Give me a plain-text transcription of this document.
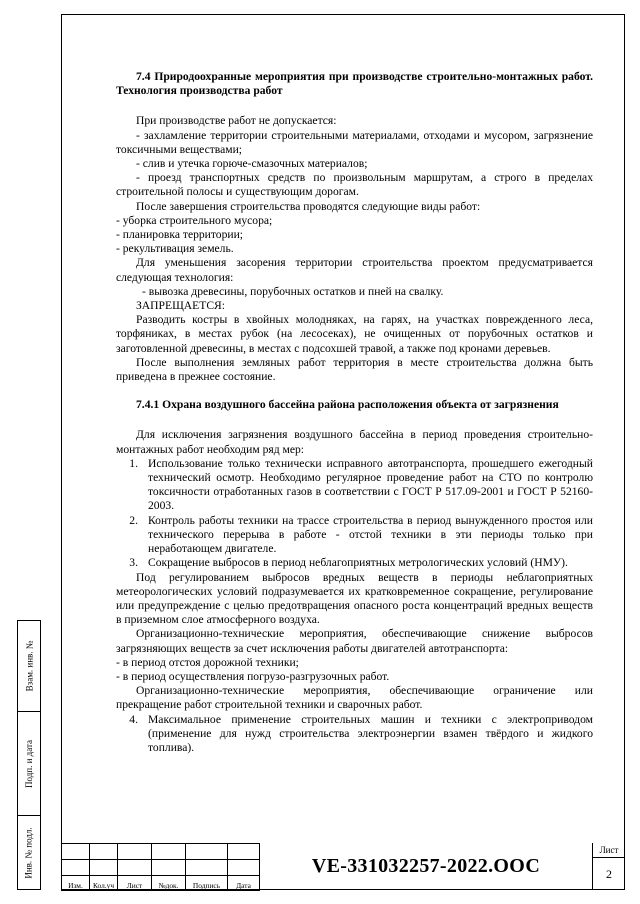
7.4 Природоохранные мероприятия при производстве строительно-монтажных работ. Технология производства работ

При производстве работ не допускается:

- захламление территории строительными материалами, отходами и мусором, загрязнение токсичными веществами;

- слив и утечка горюче-смазочных материалов;

- проезд транспортных средств по произвольным маршрутам, а строго в пределах строительной полосы и существующим дорогам.

После завершения строительства проводятся следующие виды работ:

- уборка строительного мусора;

- планировка территории;

- рекультивация земель.

Для уменьшения засорения территории строительства проектом предусматривается следующая технология:

- вывозка древесины, порубочных остатков и пней на свалку.

ЗАПРЕЩАЕТСЯ:

Разводить костры в хвойных молодняках, на гарях, на участках поврежденного леса, торфяниках, в местах рубок (на лесосеках), не очищенных от порубочных остатков и заготовленной древесины, в местах с подсохшей травой, а также под кронами деревьев.

После выполнения земляных работ территория в месте строительства должна быть приведена в прежнее состояние.

7.4.1 Охрана воздушного бассейна района расположения объекта от загрязнения

Для исключения загрязнения воздушного бассейна в период проведения строительно-монтажных работ необходим ряд мер:

1. Использование только технически исправного автотранспорта, прошедшего ежегодный технический осмотр. Необходимо регулярное проведение работ на СТО по контролю токсичности отработанных газов в соответствии с ГОСТ Р 517.09-2001 и ГОСТ Р 52160-2003.
2. Контроль работы техники на трассе строительства в период вынужденного простоя или технического перерыва в работе - отстой техники в эти периоды только при неработающем двигателе.
3. Сокращение выбросов в период неблагоприятных метрологических условий (НМУ).

Под регулированием выбросов вредных веществ в периоды неблагоприятных метеорологических условий подразумевается их кратковременное сокращение, регулирование или предупреждение с целью предотвращения опасного роста концентраций вредных веществ в приземном слое атмосферного воздуха.

Организационно-технические мероприятия, обеспечивающие снижение выбросов загрязняющих веществ за счет исключения работы двигателей автотранспорта:

- в период отстоя дорожной техники;

- в период осуществления погрузо-разгрузочных работ.

Организационно-технические мероприятия, обеспечивающие ограничение или прекращение работ строительной техники и сварочных работ.

4. Максимальное применение строительных машин и техники с электроприводом (применение для нужд строительства электроэнергии взамен твёрдого и жидкого топлива).
Взам. инв. №
Подп. и дата
Инв. № подл.

Изм.	Кол.уч	Лист	№док.	Подпись	Дата
VE-331032257-2022.ООС
Лист
2
